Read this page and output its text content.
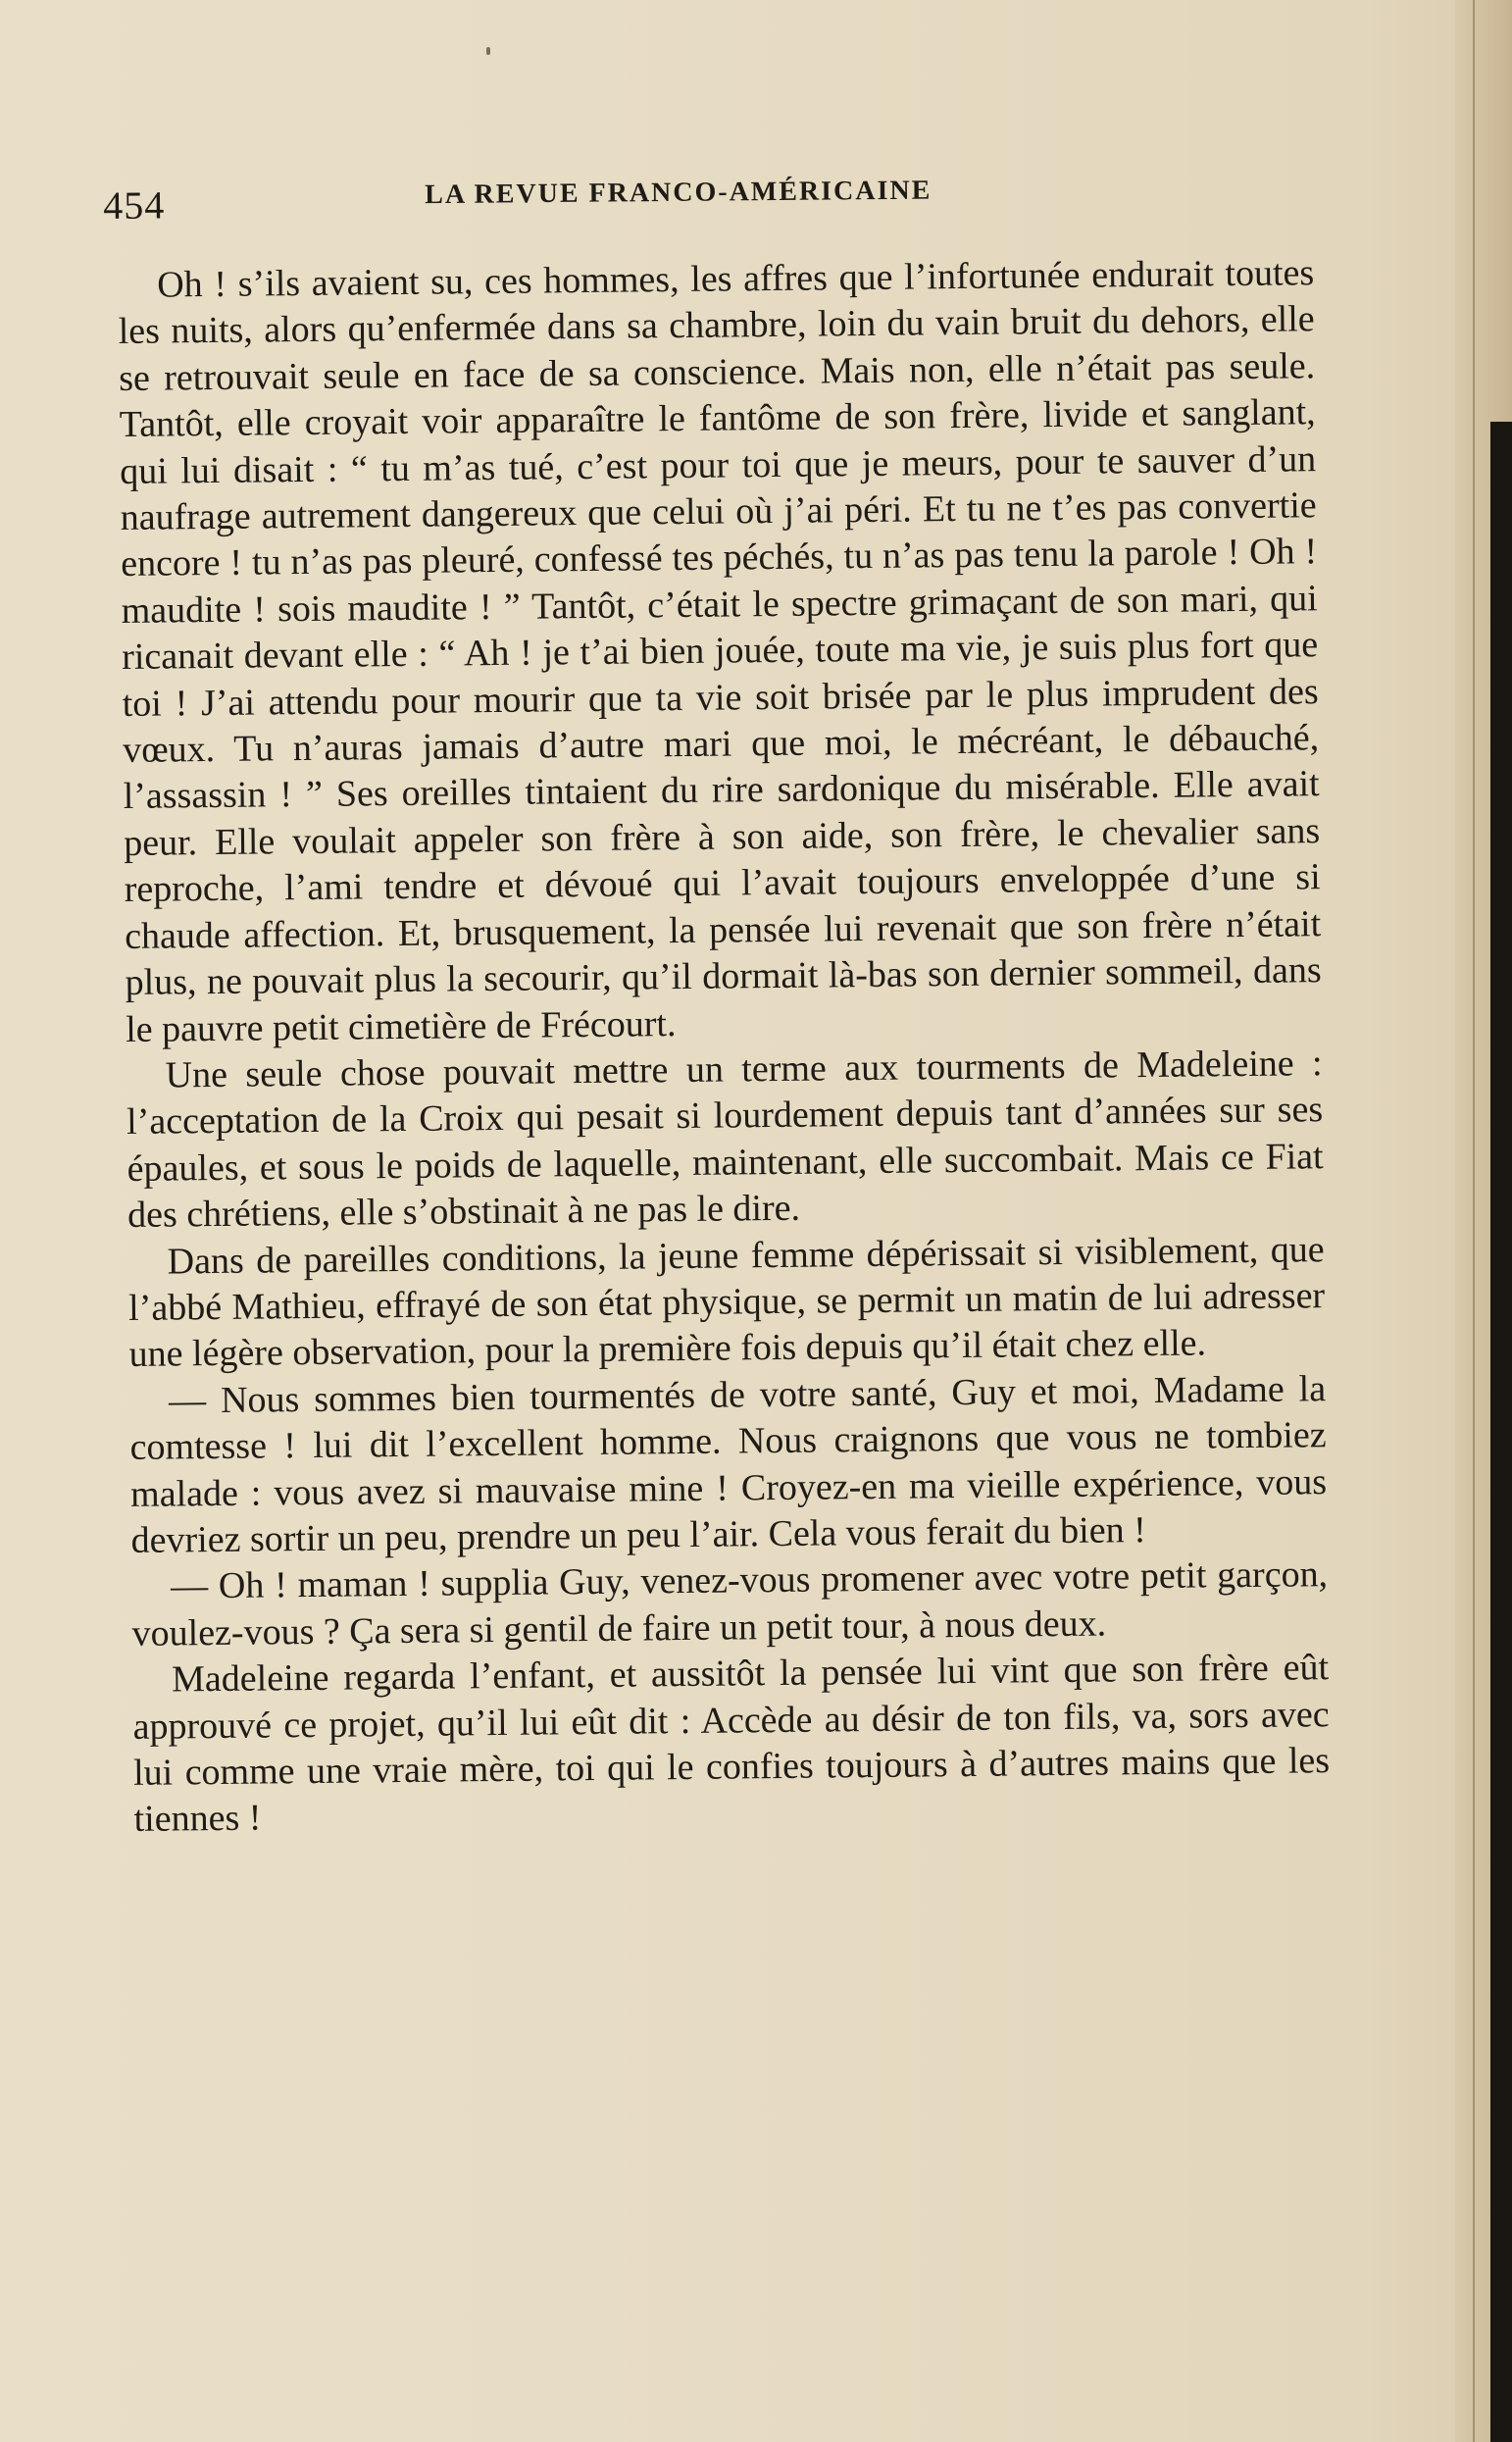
454	LA REVUE FRANCO-AMÉRICAINE

Oh ! s’ils avaient su, ces hommes, les affres que l’infortunée endurait toutes les nuits, alors qu’enfermée dans sa chambre, loin du vain bruit du dehors, elle se retrouvait seule en face de sa conscience. Mais non, elle n’était pas seule. Tantôt, elle croyait voir apparaître le fantôme de son frère, livide et sanglant, qui lui disait : “ tu m’as tué, c’est pour toi que je meurs, pour te sauver d’un naufrage autrement dangereux que celui où j’ai péri. Et tu ne t’es pas convertie encore ! tu n’as pas pleuré, confessé tes péchés, tu n’as pas tenu la parole ! Oh ! maudite ! sois maudite ! ” Tantôt, c’était le spectre grimaçant de son mari, qui ricanait devant elle : “ Ah ! je t’ai bien jouée, toute ma vie, je suis plus fort que toi ! J’ai attendu pour mourir que ta vie soit brisée par le plus imprudent des vœux. Tu n’auras jamais d’autre mari que moi, le mécréant, le débauché, l’assassin ! ” Ses oreilles tintaient du rire sardonique du misérable. Elle avait peur. Elle voulait appeler son frère à son aide, son frère, le chevalier sans reproche, l’ami tendre et dévoué qui l’avait toujours enveloppée d’une si chaude affection. Et, brusquement, la pensée lui revenait que son frère n’était plus, ne pouvait plus la secourir, qu’il dormait là-bas son dernier sommeil, dans le pauvre petit cimetière de Frécourt.

Une seule chose pouvait mettre un terme aux tourments de Madeleine : l’acceptation de la Croix qui pesait si lourdement depuis tant d’années sur ses épaules, et sous le poids de laquelle, maintenant, elle succombait. Mais ce Fiat des chrétiens, elle s’obstinait à ne pas le dire.

Dans de pareilles conditions, la jeune femme dépérissait si visiblement, que l’abbé Mathieu, effrayé de son état physique, se permit un matin de lui adresser une légère observation, pour la première fois depuis qu’il était chez elle.

— Nous sommes bien tourmentés de votre santé, Guy et moi, Madame la comtesse ! lui dit l’excellent homme. Nous craignons que vous ne tombiez malade : vous avez si mauvaise mine ! Croyez-en ma vieille expérience, vous devriez sortir un peu, prendre un peu l’air. Cela vous ferait du bien !

— Oh ! maman ! supplia Guy, venez-vous promener avec votre petit garçon, voulez-vous ? Ça sera si gentil de faire un petit tour, à nous deux.

Madeleine regarda l’enfant, et aussitôt la pensée lui vint que son frère eût approuvé ce projet, qu’il lui eût dit : Accède au désir de ton fils, va, sors avec lui comme une vraie mère, toi qui le confies toujours à d’autres mains que les tiennes !
